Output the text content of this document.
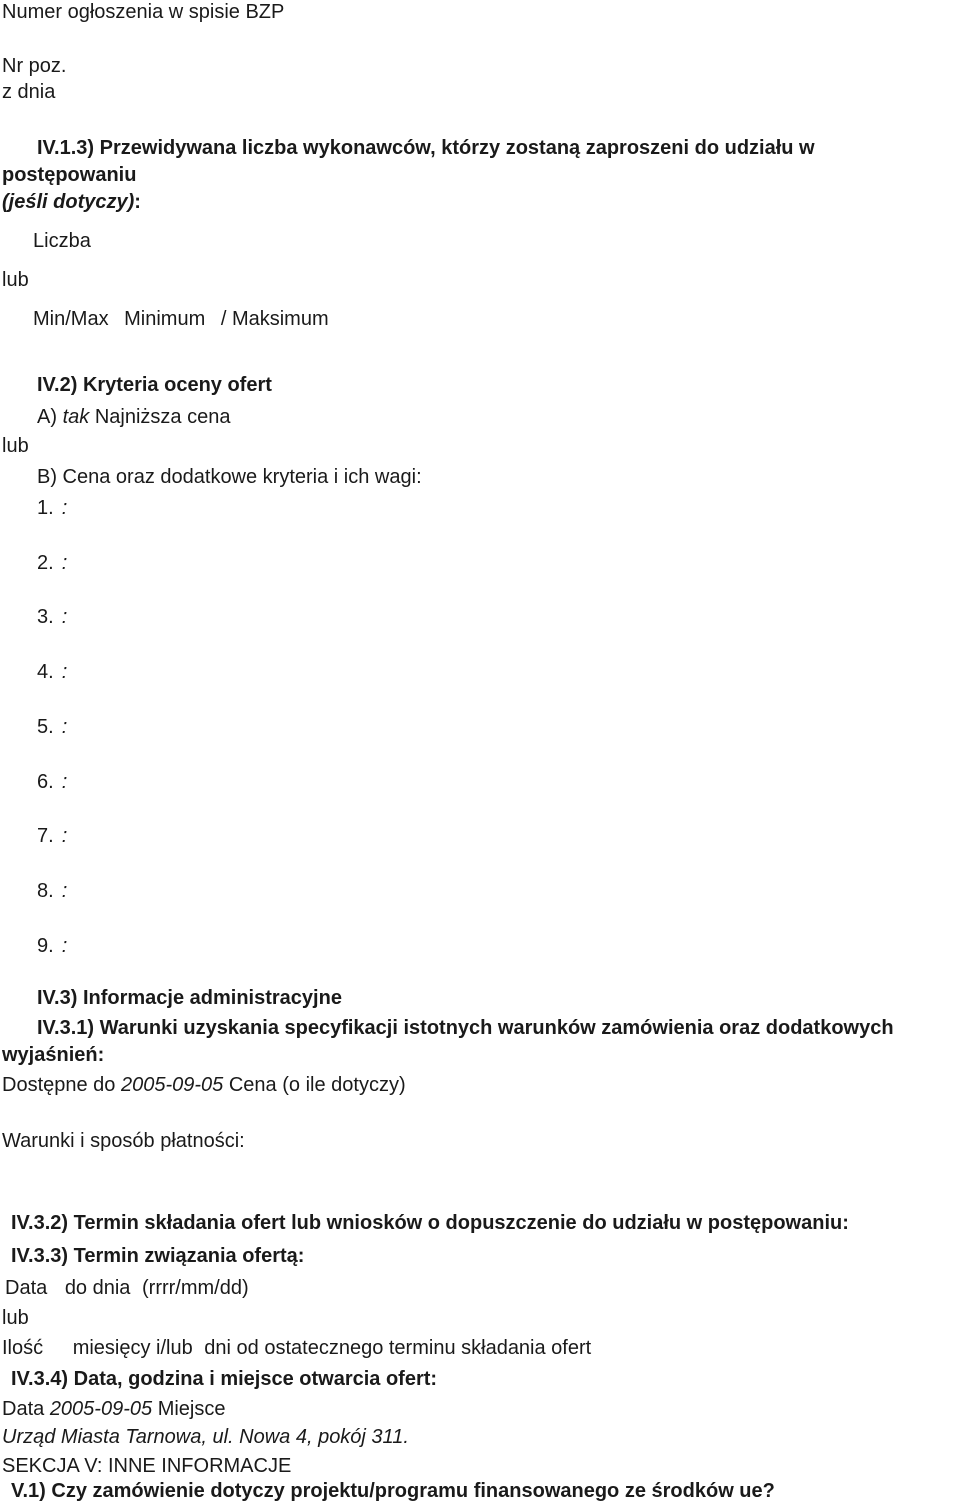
Numer ogłoszenia w spisie BZP
Nr poz.
z dnia
IV.1.3) Przewidywana liczba wykonawców, którzy zostaną zaproszeni do udziału w
postępowaniu
(jeśli dotyczy):
Liczba
lub
Min/Max Minimum / Maksimum
IV.2) Kryteria oceny ofert
A) tak Najniższa cena
lub
B) Cena oraz dodatkowe kryteria i ich wagi:
1. :
2. :
3. :
4. :
5. :
6. :
7. :
8. :
9. :
IV.3) Informacje administracyjne
IV.3.1) Warunki uzyskania specyfikacji istotnych warunków zamówienia oraz dodatkowych
wyjaśnień:
Dostępne do 2005-09-05 Cena (o ile dotyczy)
Warunki i sposób płatności:
IV.3.2) Termin składania ofert lub wniosków o dopuszczenie do udziału w postępowaniu:
IV.3.3) Termin związania ofertą:
Data do dnia (rrrr/mm/dd)
lub
Ilość miesięcy i/lub dni od ostatecznego terminu składania ofert
IV.3.4) Data, godzina i miejsce otwarcia ofert:
Data 2005-09-05 Miejsce
Urząd Miasta Tarnowa, ul. Nowa 4, pokój 311.
SEKCJA V: INNE INFORMACJE
V.1) Czy zamówienie dotyczy projektu/programu finansowanego ze środków ue?
